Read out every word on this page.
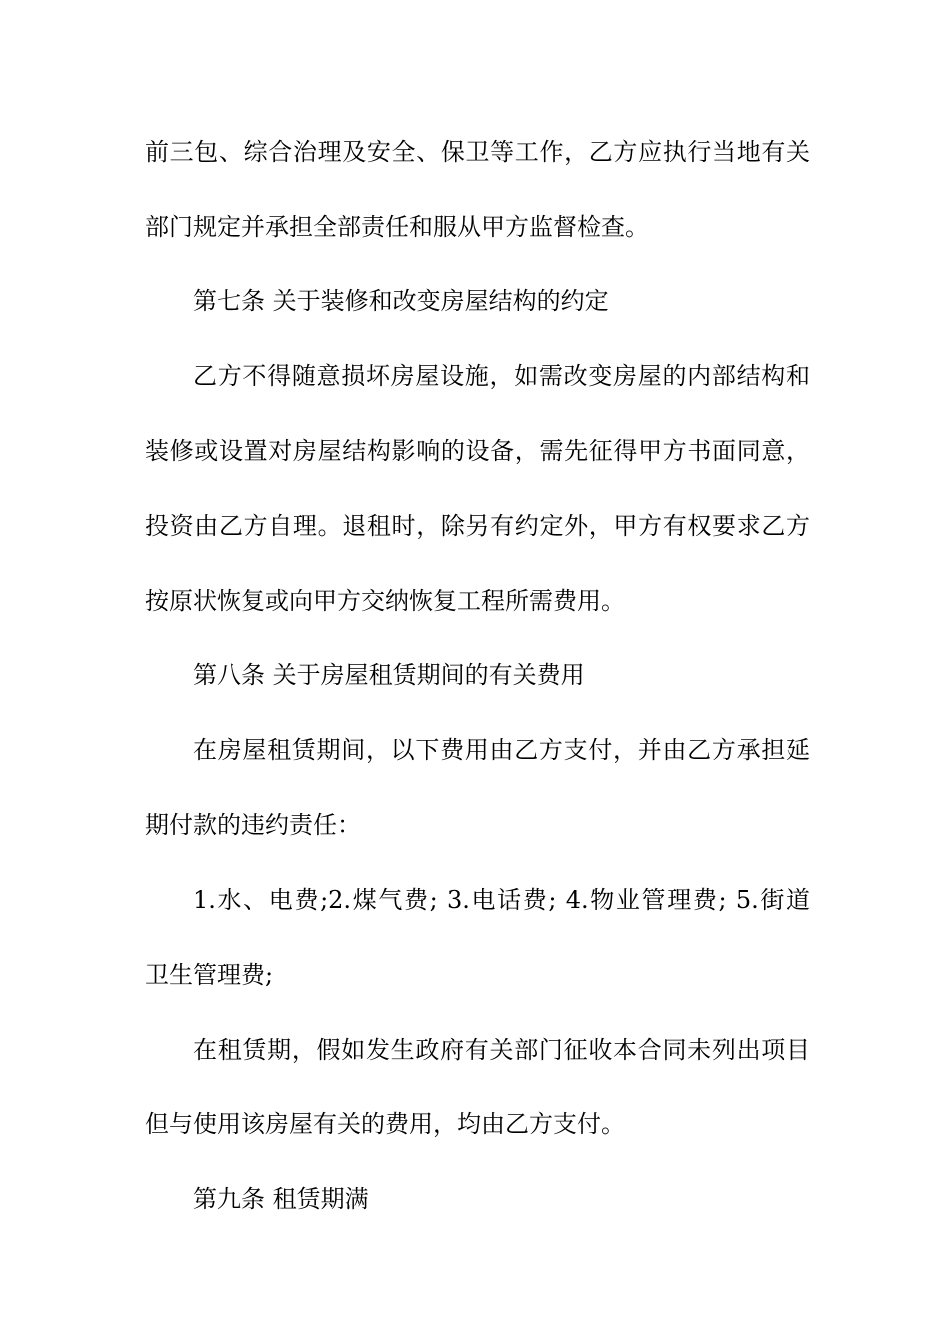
前三包、综合治理及安全、保卫等工作，乙方应执行当地有关
部门规定并承担全部责任和服从甲方监督检查。
第七条 关于装修和改变房屋结构的约定
乙方不得随意损坏房屋设施，如需改变房屋的内部结构和
装修或设置对房屋结构影响的设备，需先征得甲方书面同意，
投资由乙方自理。退租时，除另有约定外，甲方有权要求乙方
按原状恢复或向甲方交纳恢复工程所需费用。
第八条 关于房屋租赁期间的有关费用
在房屋租赁期间，以下费用由乙方支付，并由乙方承担延
期付款的违约责任：
1.水、电费;2.煤气费; 3.电话费; 4.物业管理费; 5.街道
卫生管理费;
在租赁期，假如发生政府有关部门征收本合同未列出项目
但与使用该房屋有关的费用，均由乙方支付。
第九条 租赁期满
